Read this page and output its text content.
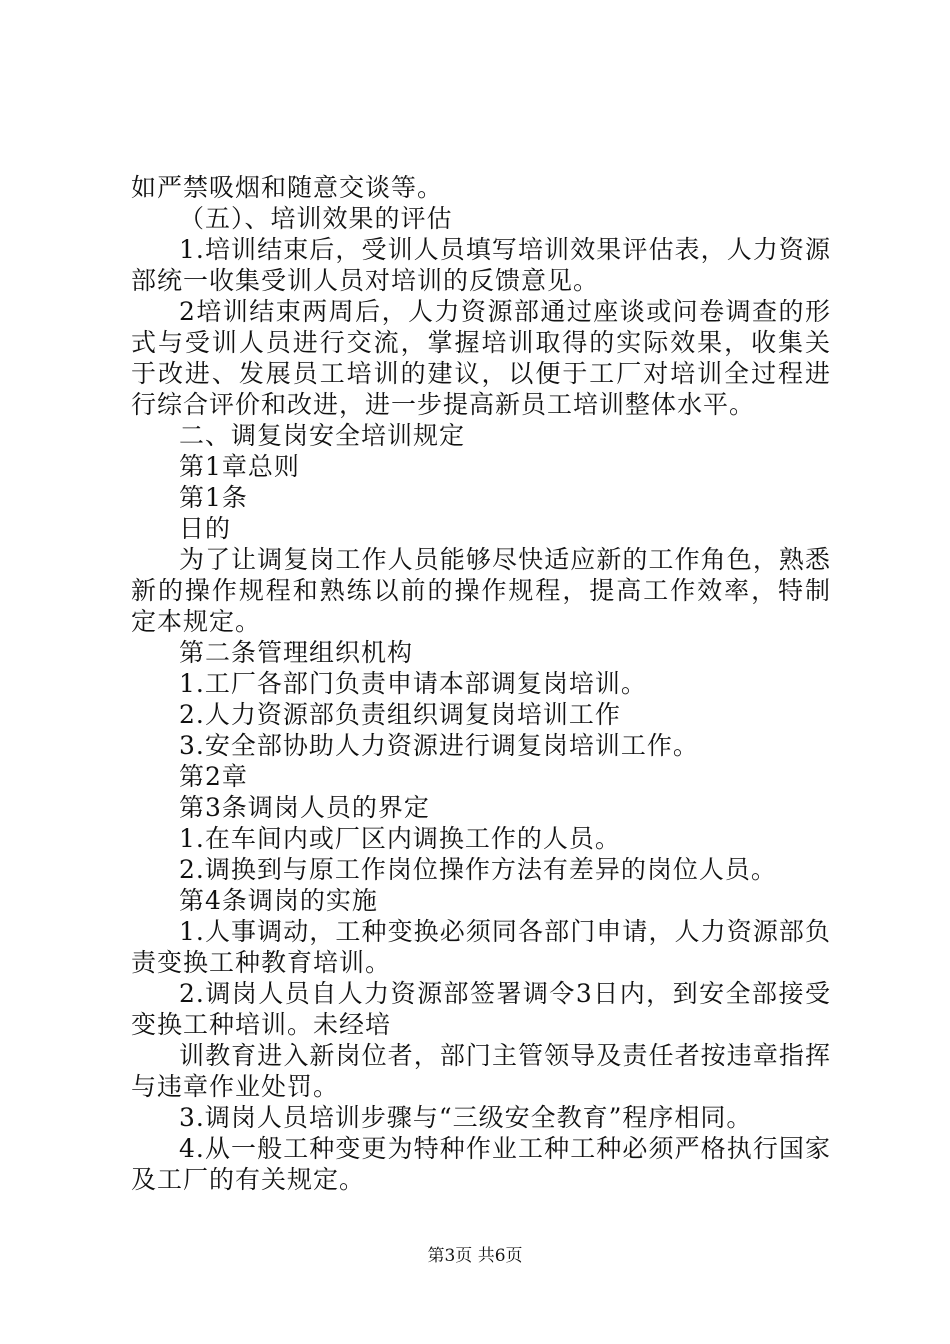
如严禁吸烟和随意交谈等。

（五）、培训效果的评估

1.培训结束后，受训人员填写培训效果评估表，人力资源部统一收集受训人员对培训的反馈意见。

2培训结束两周后，人力资源部通过座谈或问卷调查的形式与受训人员进行交流，掌握培训取得的实际效果，收集关于改进、发展员工培训的建议，以便于工厂对培训全过程进行综合评价和改进，进一步提高新员工培训整体水平。

二、调复岗安全培训规定

第1章总则

第1条

日的

为了让调复岗工作人员能够尽快适应新的工作角色，熟悉新的操作规程和熟练以前的操作规程，提高工作效率，特制定本规定。

第二条管理组织机构

1.工厂各部门负责申请本部调复岗培训。

2.人力资源部负责组织调复岗培训工作

3.安全部协助人力资源进行调复岗培训工作。

第2章

第3条调岗人员的界定

1.在车间内或厂区内调换工作的人员。

2.调换到与原工作岗位操作方法有差异的岗位人员。

第4条调岗的实施

1.人事调动，工种变换必须同各部门申请，人力资源部负责变换工种教育培训。

2.调岗人员自人力资源部签署调令3日内，到安全部接受变换工种培训。未经培

训教育进入新岗位者，部门主管领导及责任者按违章指挥与违章作业处罚。

3.调岗人员培训步骤与“三级安全教育”程序相同。

4.从一般工种变更为特种作业工种工种必须严格执行国家及工厂的有关规定。

第3页 共6页
